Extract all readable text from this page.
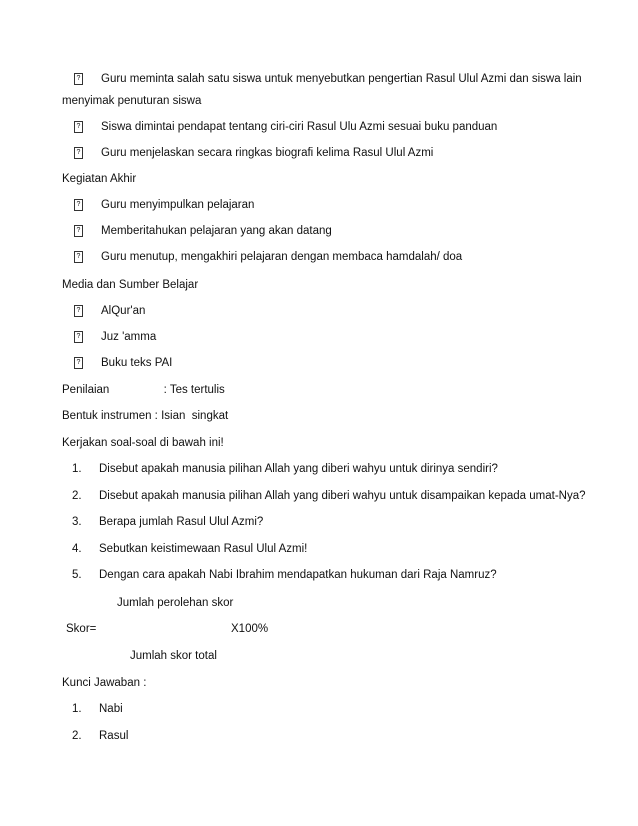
? Guru meminta salah satu siswa untuk menyebutkan pengertian Rasul Ulul Azmi dan siswa lain
menyimak penuturan siswa
? Siswa dimintai pendapat tentang ciri-ciri Rasul Ulu Azmi sesuai buku panduan
? Guru menjelaskan secara ringkas biografi kelima Rasul Ulul Azmi
Kegiatan Akhir
? Guru menyimpulkan pelajaran
? Memberitahukan pelajaran yang akan datang
? Guru menutup, mengakhiri pelajaran dengan membaca hamdalah/ doa
Media dan Sumber Belajar
? AlQur'an
? Juz 'amma
? Buku teks PAI
Penilaian                 : Tes tertulis
Bentuk instrumen : Isian  singkat
Kerjakan soal-soal di bawah ini!
1. Disebut apakah manusia pilihan Allah yang diberi wahyu untuk dirinya sendiri?
2. Disebut apakah manusia pilihan Allah yang diberi wahyu untuk disampaikan kepada umat-Nya?
3. Berapa jumlah Rasul Ulul Azmi?
4. Sebutkan keistimewaan Rasul Ulul Azmi!
5. Dengan cara apakah Nabi Ibrahim mendapatkan hukuman dari Raja Namruz?
Jumlah perolehan skor
Skor=	X100%
Jumlah skor total
Kunci Jawaban :
1. Nabi
2. Rasul
